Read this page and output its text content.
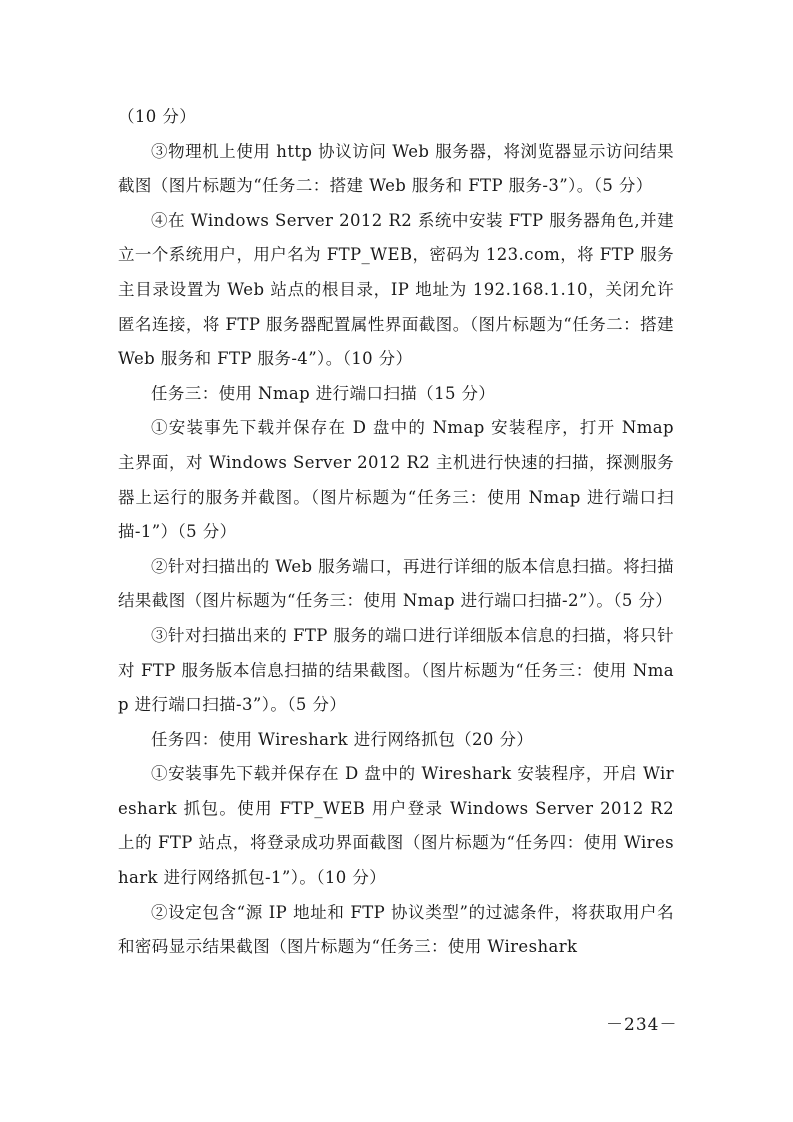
（10 分）

③物理机上使用 http 协议访问 Web 服务器，将浏览器显示访问结果截图（图片标题为“任务二：搭建 Web 服务和 FTP 服务-3”）。（5 分）

④在 Windows Server 2012 R2 系统中安装 FTP 服务器角色,并建立一个系统用户，用户名为 FTP_WEB，密码为 123.com，将 FTP 服务主目录设置为 Web 站点的根目录，IP 地址为 192.168.1.10，关闭允许匿名连接，将 FTP 服务器配置属性界面截图。（图片标题为“任务二：搭建 Web 服务和 FTP 服务-4”）。（10 分）

任务三：使用 Nmap 进行端口扫描（15 分）

①安装事先下载并保存在 D 盘中的 Nmap 安装程序，打开 Nmap 主界面，对 Windows Server 2012 R2 主机进行快速的扫描，探测服务器上运行的服务并截图。（图片标题为“任务三：使用 Nmap 进行端口扫描-1”）（5 分）

②针对扫描出的 Web 服务端口，再进行详细的版本信息扫描。将扫描结果截图（图片标题为“任务三：使用 Nmap 进行端口扫描-2”）。（5 分）

③针对扫描出来的 FTP 服务的端口进行详细版本信息的扫描，将只针对 FTP 服务版本信息扫描的结果截图。（图片标题为“任务三：使用 Nmap 进行端口扫描-3”）。（5 分）

任务四：使用 Wireshark 进行网络抓包（20 分）

①安装事先下载并保存在 D 盘中的 Wireshark 安装程序，开启 Wireshark 抓包。使用 FTP_WEB 用户登录 Windows Server 2012 R2 上的 FTP 站点，将登录成功界面截图（图片标题为“任务四：使用 Wireshark 进行网络抓包-1”）。（10 分）

②设定包含“源 IP 地址和 FTP 协议类型”的过滤条件，将获取用户名和密码显示结果截图（图片标题为“任务三：使用 Wireshark

－234－
